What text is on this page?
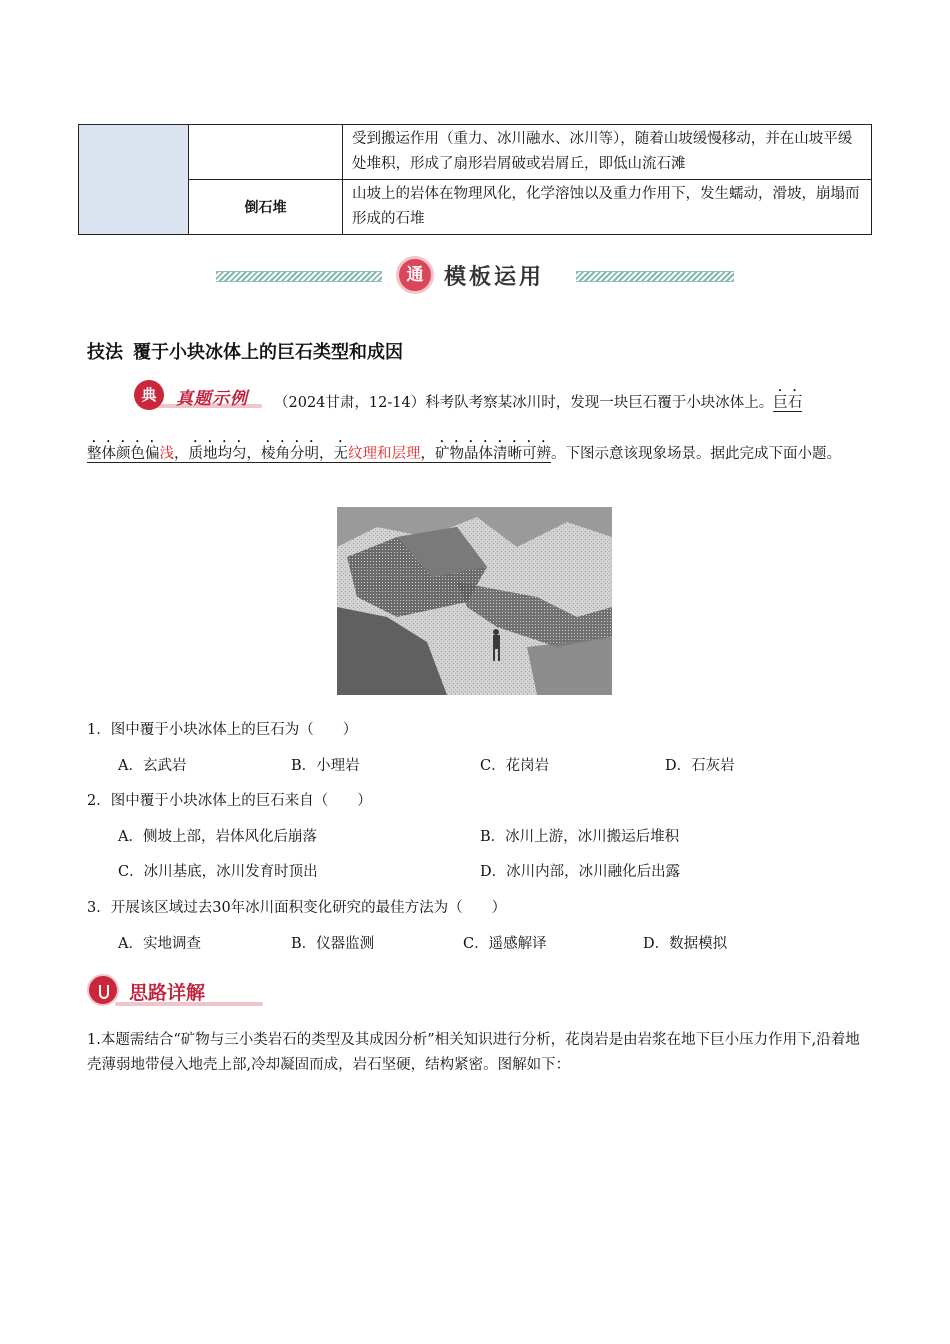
		受到搬运作用（重力、冰川融水、冰川等），随着山坡缓慢移动，并在山坡平缓处堆积，形成了扇形岩屑破或岩屑丘，即低山流石滩
	倒石堆	山坡上的岩体在物理风化，化学溶蚀以及重力作用下，发生蠕动，滑坡，崩塌而形成的石堆
通 模板运用
技法 覆于小块冰体上的巨石类型和成因
典	真题示例 （2024甘肃，12-14）科考队考察某冰川时，发现一块巨石覆于小块冰体上。巨石
整体颜色偏浅，质地均匀，棱角分明，无纹理和层理，矿物晶体清晰可辨。下图示意该现象场景。据此完成下面小题。
1．图中覆于小块冰体上的巨石为（　　）
A．玄武岩	B．小理岩	C．花岗岩	D．石灰岩
2．图中覆于小块冰体上的巨石来自（　　）
A．侧坡上部，岩体风化后崩落	B．冰川上游，冰川搬运后堆积
C．冰川基底，冰川发育时顶出	D．冰川内部，冰川融化后出露
3．开展该区域过去30年冰川面积变化研究的最佳方法为（　　）
A．实地调查	B．仪器监测	C．遥感解译	D．数据模拟
思路详解
1.本题需结合“矿物与三小类岩石的类型及其成因分析”相关知识进行分析，花岗岩是由岩浆在地下巨小压力作用下,沿着地壳薄弱地带侵入地壳上部,冷却凝固而成，岩石坚硬，结构紧密。图解如下：
